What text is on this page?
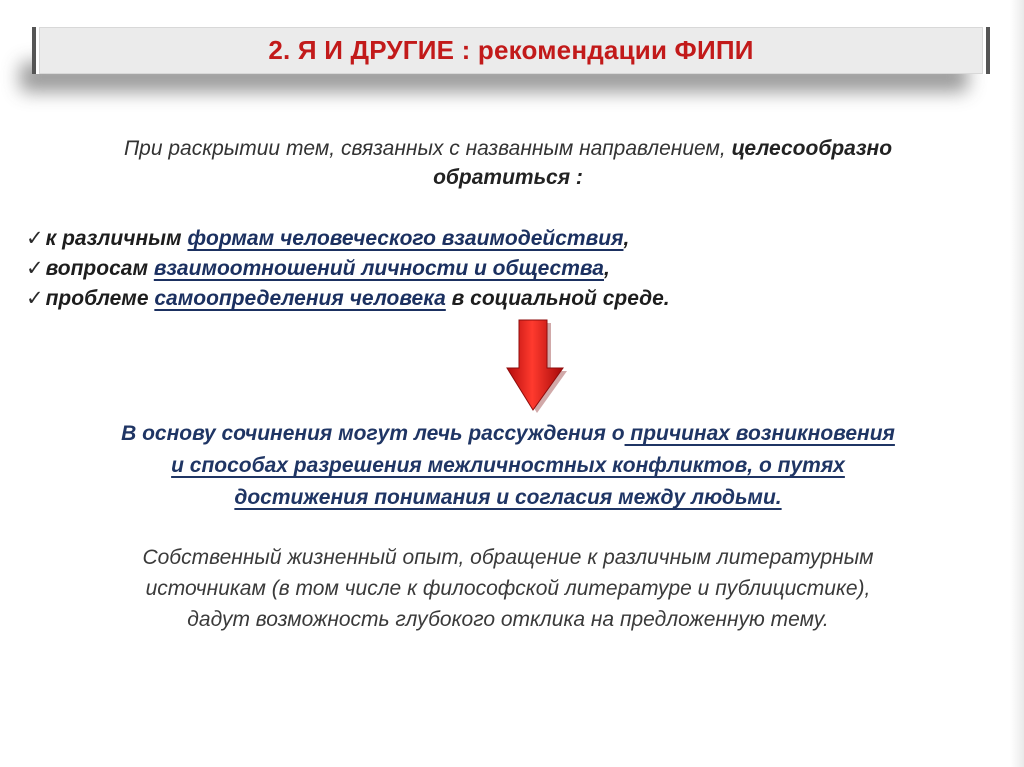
2. Я И ДРУГИЕ : рекомендации ФИПИ
При раскрытии тем, связанных с названным направлением, целесообразно
обратиться :
✓к различным формам человеческого взаимодействия,
✓вопросам взаимоотношений личности и общества,
✓проблеме самоопределения человека в социальной среде.
В основу сочинения могут лечь рассуждения о причинах возникновения
и способах разрешения межличностных конфликтов, о путях
достижения понимания и согласия между людьми.
Собственный жизненный опыт, обращение к различным литературным
источникам (в том числе к философской литературе и публицистике),
дадут возможность глубокого отклика на предложенную тему.
